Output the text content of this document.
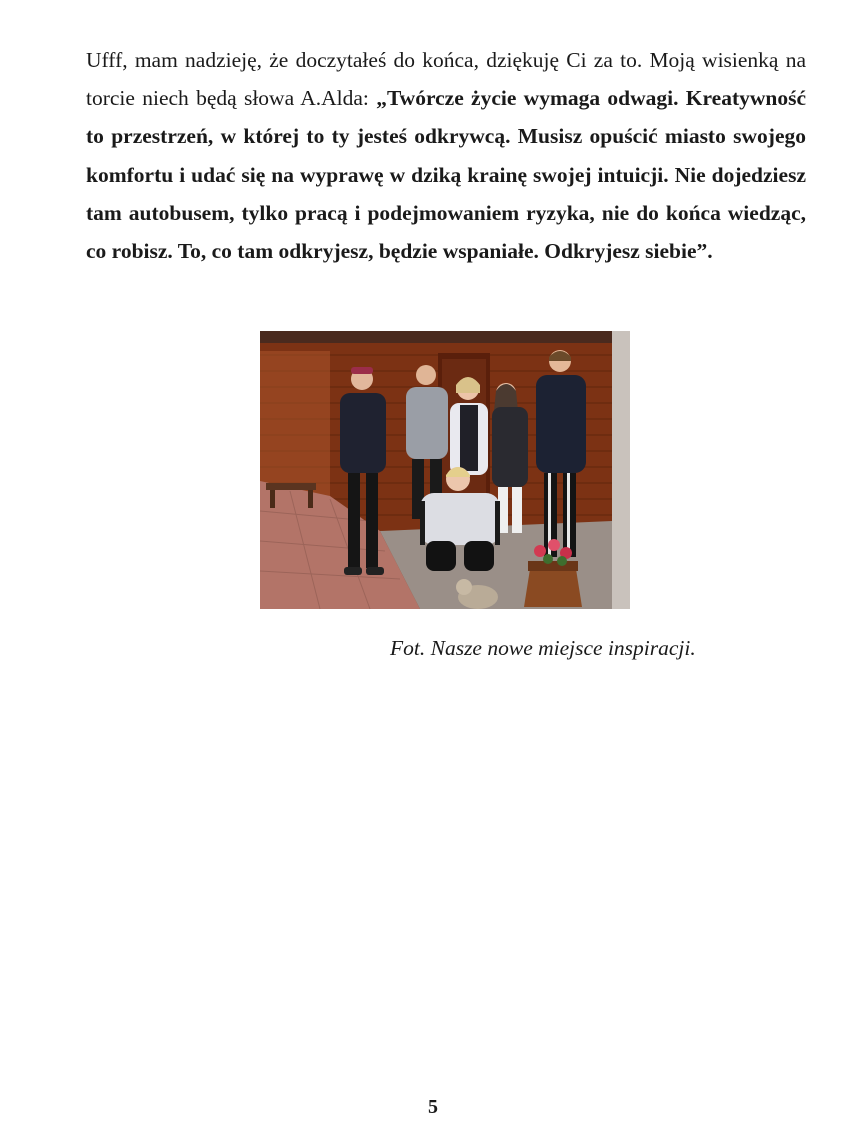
Ufff, mam nadzieję, że doczytałeś do końca, dziękuję Ci za to. Moją wisienką na torcie niech będą słowa A.Alda: „Twórcze życie wymaga odwagi. Kreatywność to przestrzeń, w której to ty jesteś odkrywcą. Musisz opuścić miasto swojego komfortu i udać się na wyprawę w dziką krainę swojej intuicji. Nie dojedziesz tam autobusem, tylko pracą i podejmowaniem ryzyka, nie do końca wiedząc, co robisz. To, co tam odkryjesz, będzie wspaniałe. Odkryjesz siebie”.

Fot. Nasze nowe miejsce inspiracji.

5
